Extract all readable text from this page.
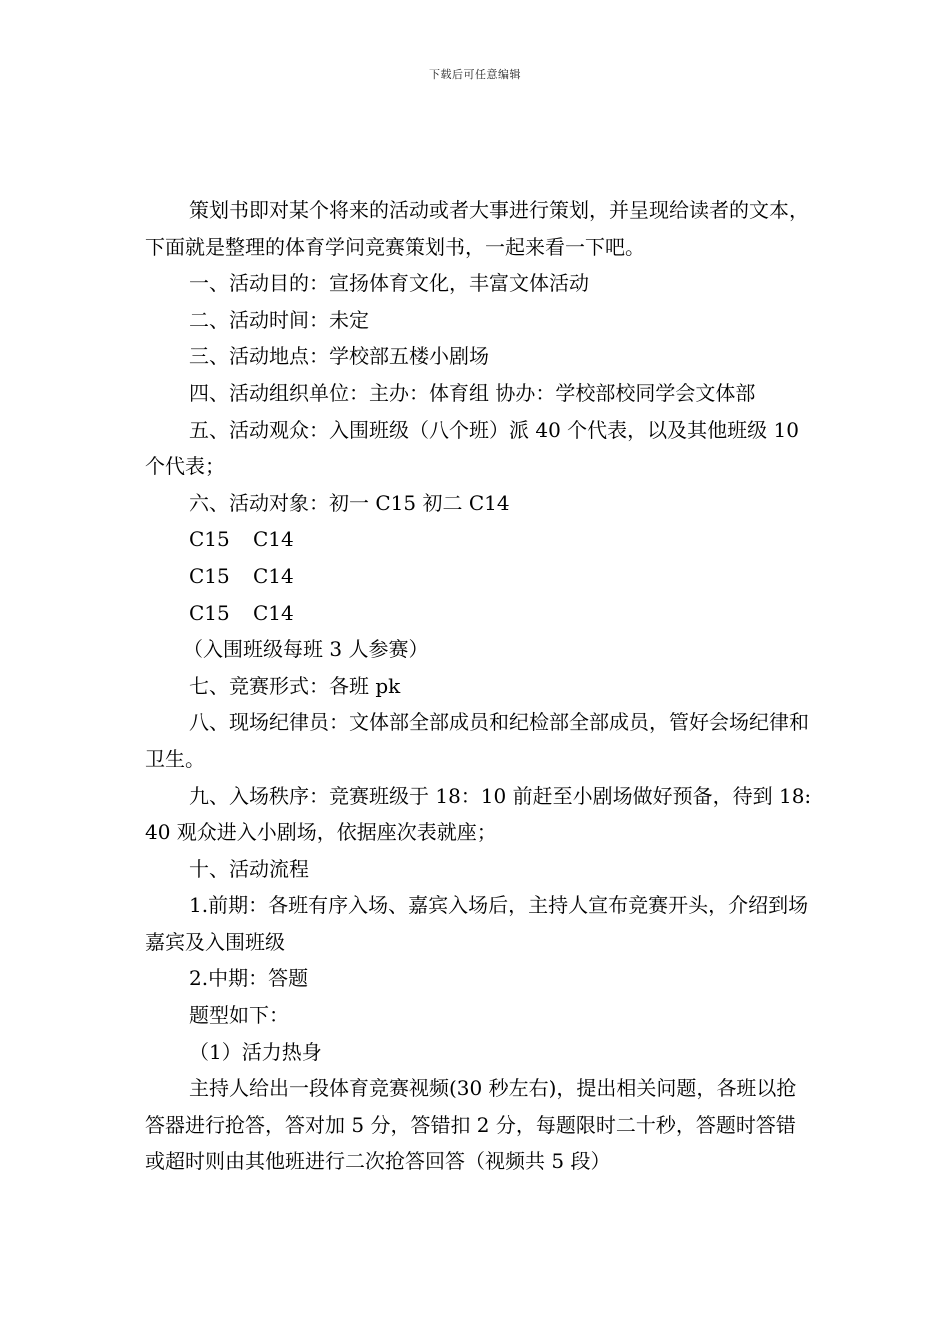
下载后可任意编辑

策划书即对某个将来的活动或者大事进行策划，并呈现给读者的文本，下面就是整理的体育学问竞赛策划书，一起来看一下吧。

一、活动目的：宣扬体育文化，丰富文体活动

二、活动时间：未定

三、活动地点：学校部五楼小剧场

四、活动组织单位：主办：体育组 协办：学校部校同学会文体部

五、活动观众：入围班级（八个班）派 40 个代表，以及其他班级 10 个代表；

六、活动对象：初一 C15 初二 C14

C15	C14
C15	C14
C15	C14

（入围班级每班 3 人参赛）

七、竞赛形式：各班 pk

八、现场纪律员：文体部全部成员和纪检部全部成员，管好会场纪律和卫生。

九、入场秩序：竞赛班级于 18：10 前赶至小剧场做好预备，待到 18:40 观众进入小剧场，依据座次表就座；

十、活动流程

1.前期：各班有序入场、嘉宾入场后，主持人宣布竞赛开头，介绍到场嘉宾及入围班级

2.中期：答题

题型如下：

（1）活力热身

主持人给出一段体育竞赛视频(30 秒左右)，提出相关问题，各班以抢答器进行抢答，答对加 5 分，答错扣 2 分，每题限时二十秒，答题时答错或超时则由其他班进行二次抢答回答（视频共 5 段）
